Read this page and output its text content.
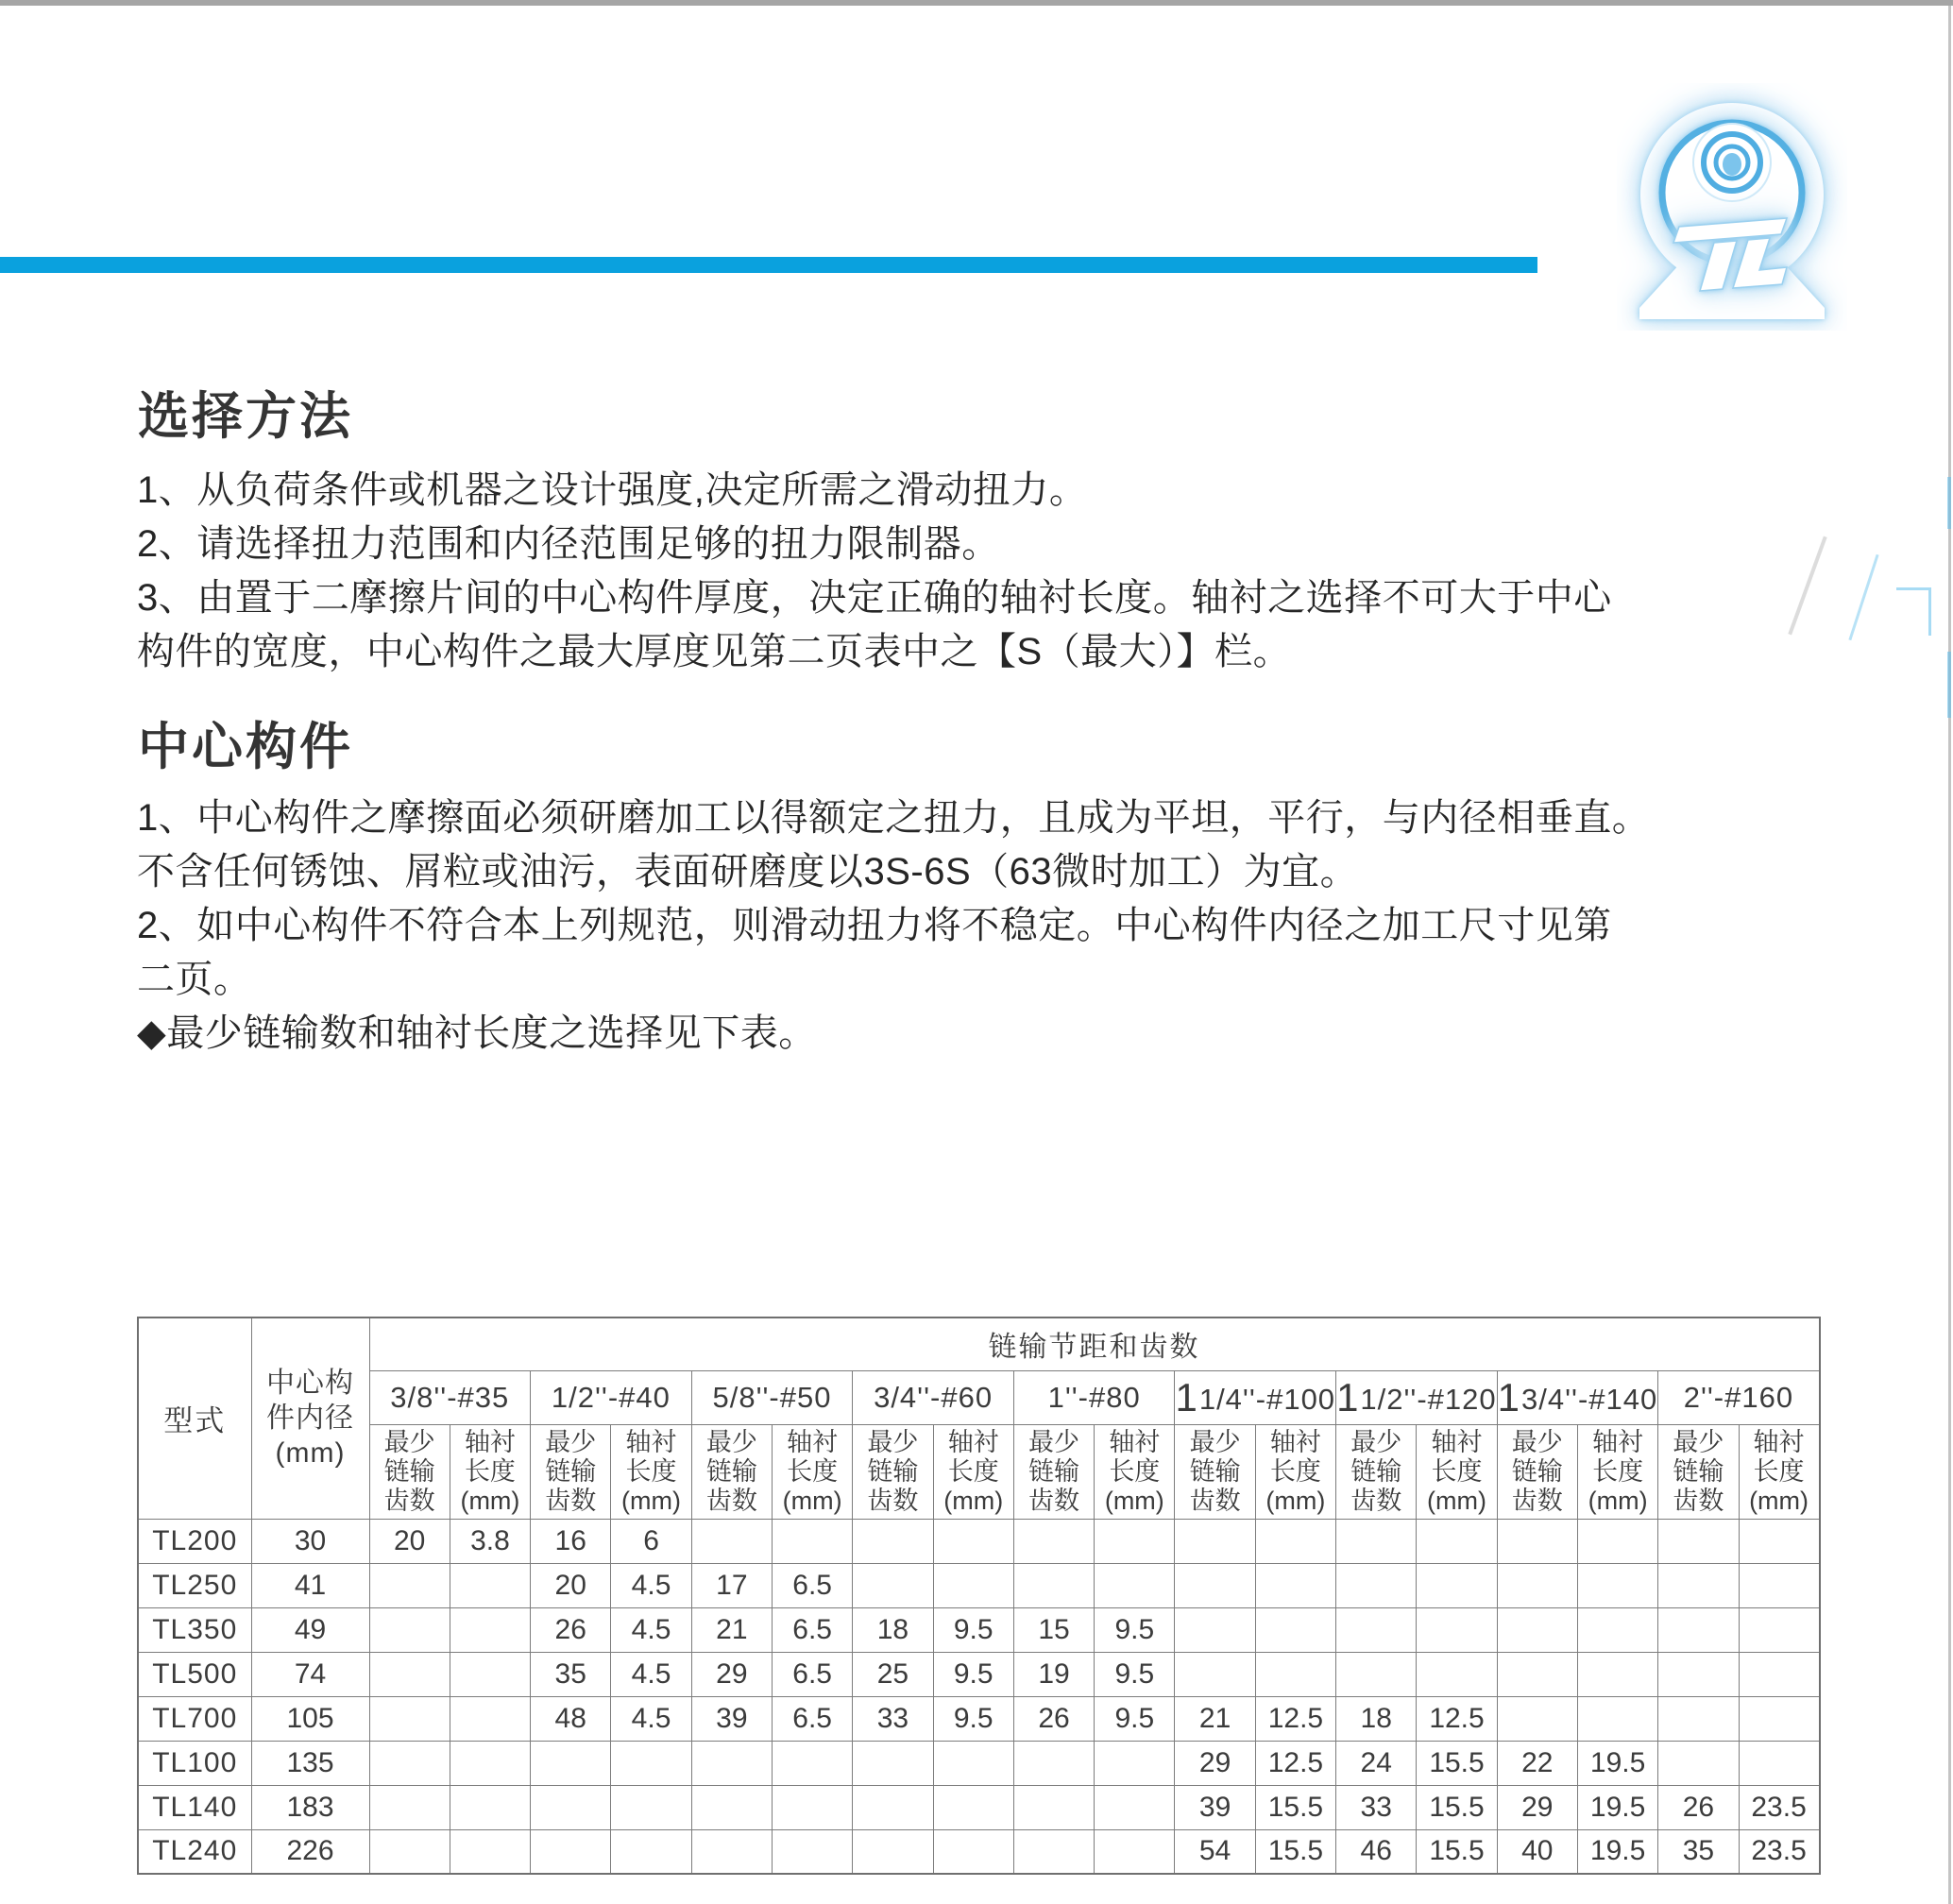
选择方法
1、从负荷条件或机器之设计强度,决定所需之滑动扭力。
2、请选择扭力范围和内径范围足够的扭力限制器。
3、由置于二摩擦片间的中心构件厚度，决定正确的轴衬长度。轴衬之选择不可大于中心
构件的宽度，中心构件之最大厚度见第二页表中之【S（最大）】栏。
中心构件
1、中心构件之摩擦面必须研磨加工以得额定之扭力，且成为平坦，平行，与内径相垂直。
不含任何锈蚀、屑粒或油污，表面研磨度以3S-6S（63微时加工）为宜。
2、如中心构件不符合本上列规范，则滑动扭力将不稳定。中心构件内径之加工尺寸见第
二页。
◆最少链输数和轴衬长度之选择见下表。
型式	中心构
件内径
(mm)	链输节距和齿数																	
		3/8''-#35		1/2''-#40		5/8''-#50		3/4''-#60		1''-#80		11/4''-#100		11/2''-#120		13/4''-#140		2''-#160	
		最少
链输
齿数	轴衬
长度
(mm)	最少
链输
齿数	轴衬
长度
(mm)	最少
链输
齿数	轴衬
长度
(mm)	最少
链输
齿数	轴衬
长度
(mm)	最少
链输
齿数	轴衬
长度
(mm)	最少
链输
齿数	轴衬
长度
(mm)	最少
链输
齿数	轴衬
长度
(mm)	最少
链输
齿数	轴衬
长度
(mm)	最少
链输
齿数	轴衬
长度
(mm)
TL200	30	20	3.8	16	6														
TL250	41			20	4.5	17	6.5												
TL350	49			26	4.5	21	6.5	18	9.5	15	9.5								
TL500	74			35	4.5	29	6.5	25	9.5	19	9.5								
TL700	105			48	4.5	39	6.5	33	9.5	26	9.5	21	12.5	18	12.5				
TL100	135											29	12.5	24	15.5	22	19.5		
TL140	183											39	15.5	33	15.5	29	19.5	26	23.5
TL240	226											54	15.5	46	15.5	40	19.5	35	23.5
